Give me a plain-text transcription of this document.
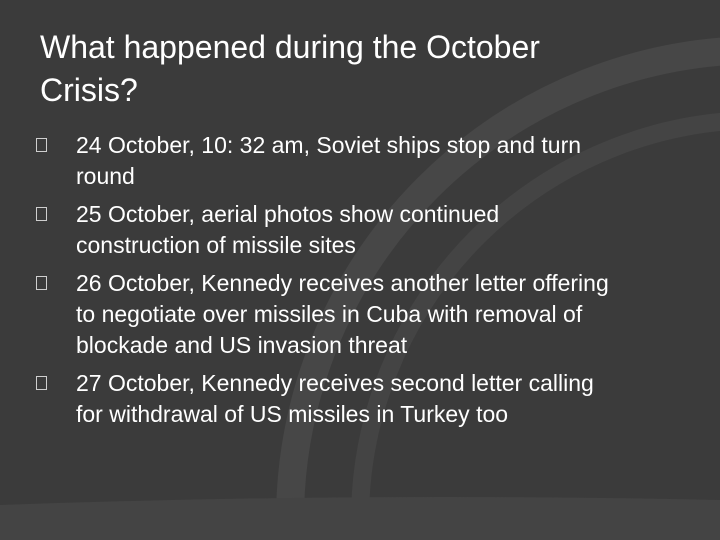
What happened during the October Crisis?
24 October, 10: 32 am, Soviet ships stop and turn round
25 October, aerial photos show continued construction of missile sites
26 October, Kennedy receives another letter offering to negotiate over missiles in Cuba with removal of blockade and US invasion threat
27 October, Kennedy receives second letter calling for withdrawal of US missiles in Turkey too
